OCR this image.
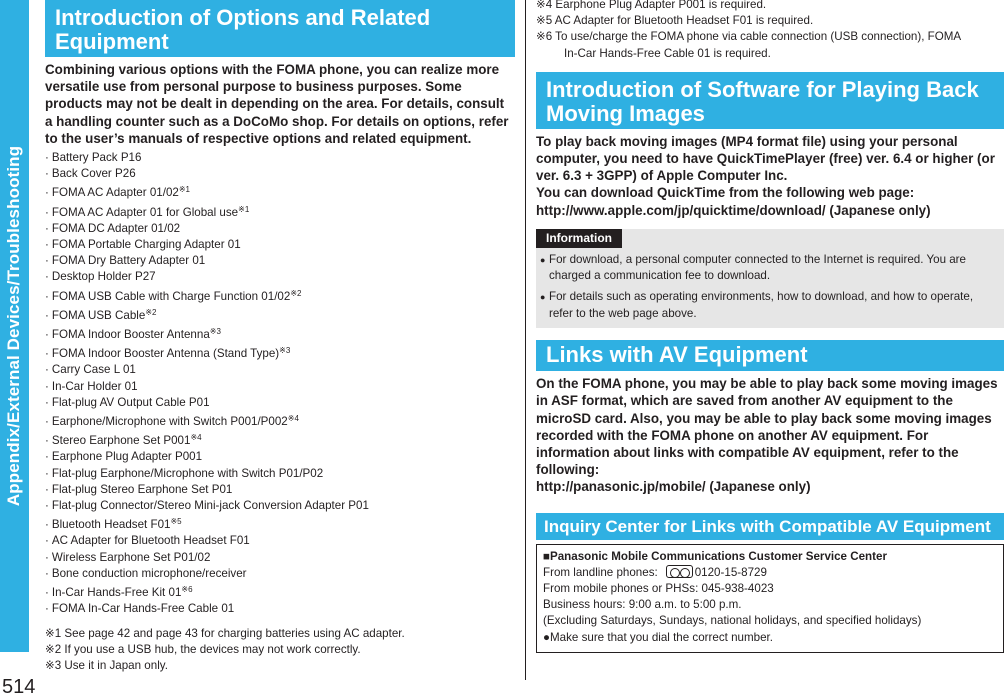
Appendix/External Devices/Troubleshooting
514
Introduction of Options and Related Equipment
Combining various options with the FOMA phone, you can realize more versatile use from personal purpose to business purposes. Some products may not be dealt in depending on the area. For details, consult a handling counter such as a DoCoMo shop. For details on options, refer to the user’s manuals of respective options and related equipment.
· Battery Pack P16
· Back Cover P26
· FOMA AC Adapter $01/02^{※1}$
· FOMA AC Adapter 01 for Global use$^{※1}$
· FOMA DC Adapter 01/02
· FOMA Portable Charging Adapter 01
· FOMA Dry Battery Adapter 01
· Desktop Holder P27
· FOMA USB Cable with Charge Function $01/02^{※2}$
· FOMA USB Cable$^{※2}$
· FOMA Indoor Booster Antenna$^{※3}$
· FOMA Indoor Booster Antenna (Stand Type)$^{※3}$
· Carry Case L 01
· In-Car Holder 01
· Flat-plug AV Output Cable P01
· Earphone/Microphone with Switch $P001/P002^{※4}$
· Stereo Earphone Set $P001^{※4}$
· Earphone Plug Adapter P001
· Flat-plug Earphone/Microphone with Switch P01/P02
· Flat-plug Stereo Earphone Set P01
· Flat-plug Connector/Stereo Mini-jack Conversion Adapter P01
· Bluetooth Headset $F01^{※5}$
· AC Adapter for Bluetooth Headset F01
· Wireless Earphone Set P01/02
· Bone conduction microphone/receiver
· In-Car Hands-Free Kit $01^{※6}$
· FOMA In-Car Hands-Free Cable 01
※1 See page 42 and page 43 for charging batteries using AC adapter.
※2 If you use a USB hub, the devices may not work correctly.
※3 Use it in Japan only.
※4 Earphone Plug Adapter P001 is required.
※5 AC Adapter for Bluetooth Headset F01 is required.
※6 To use/charge the FOMA phone via cable connection (USB connection), FOMA
In-Car Hands-Free Cable 01 is required.
Introduction of Software for Playing Back Moving Images
To play back moving images (MP4 format file) using your personal computer, you need to have QuickTimePlayer (free) ver. 6.4 or higher (or ver. 6.3 + 3GPP) of Apple Computer Inc.
You can download QuickTime from the following web page:
http://www.apple.com/jp/quicktime/download/ (Japanese only)
Information
● For download, a personal computer connected to the Internet is required. You are charged a communication fee to download.
● For details such as operating environments, how to download, and how to operate, refer to the web page above.
Links with AV Equipment
On the FOMA phone, you may be able to play back some moving images in ASF format, which are saved from another AV equipment to the microSD card. Also, you may be able to play back some moving images recorded with the FOMA phone on another AV equipment. For information about links with compatible AV equipment, refer to the following:
http://panasonic.jp/mobile/ (Japanese only)
Inquiry Center for Links with Compatible AV Equipment
■Panasonic Mobile Communications Customer Service Center
From landline phones:	0120-15-8729
From mobile phones or PHSs: 045-938-4023
Business hours: 9:00 a.m. to 5:00 p.m.
(Excluding Saturdays, Sundays, national holidays, and specified holidays)
●Make sure that you dial the correct number.
